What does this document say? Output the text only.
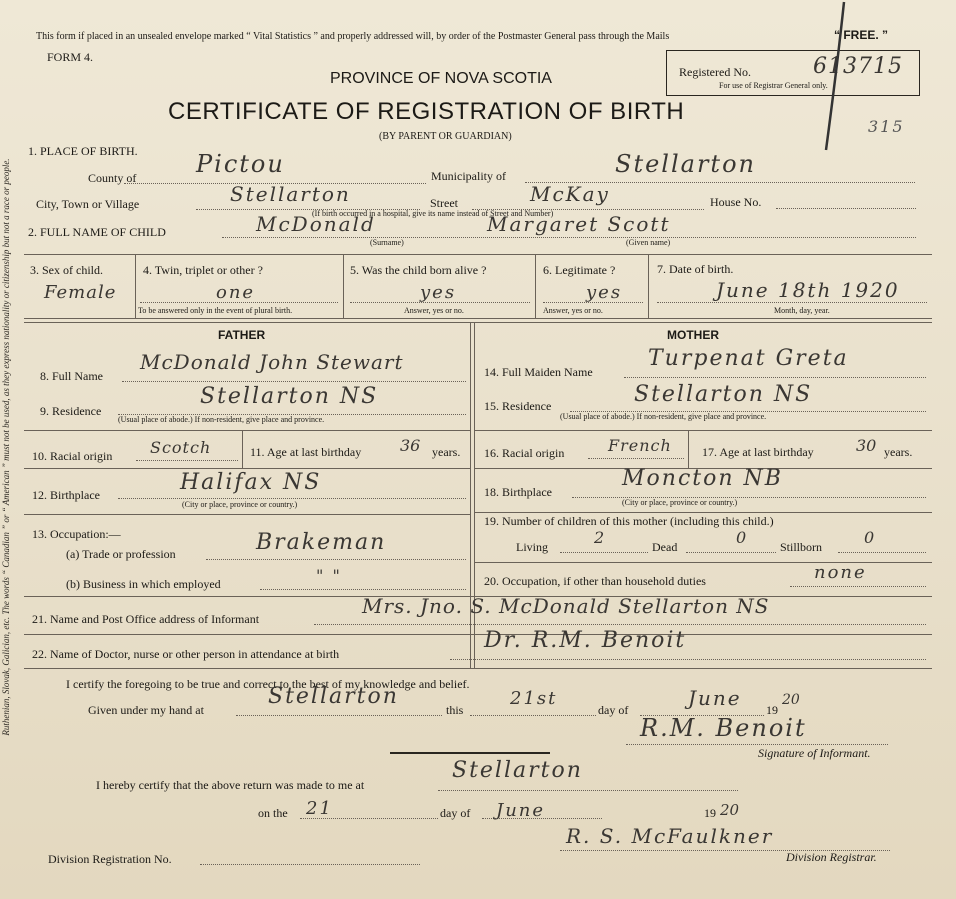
Ruthenian, Slovak, Galician, etc. The words “ Canadian ” or “ American ” must not be used, as they express nationality or citizenship but not a race or people.
This form if placed in an unsealed envelope marked “ Vital Statistics ” and properly addressed will, by order of the Postmaster General pass through the Mails	“ FREE. ”
FORM 4.
Registered No.
For use of Registrar General only.
613715
315
PROVINCE OF NOVA SCOTIA
CERTIFICATE OF REGISTRATION OF BIRTH
(BY PARENT OR GUARDIAN)
1. PLACE OF BIRTH.
County of Pictou	Municipality of	Stellarton
City, Town or Village	Stellarton	Street	McKay	House No.
(If birth occurred in a hospital, give its name instead of Street and Number)
2. FULL NAME OF CHILD	McDonald	Margaret Scott
(Surname)	(Given name)
3. Sex of child.
Female
4. Twin, triplet or other ?
one
To be answered only in the event of plural birth.
5. Was the child born alive ?
yes
Answer, yes or no.
6. Legitimate ?
yes
Answer, yes or no.
7. Date of birth.
June 18th 1920
Month, day, year.
FATHER	MOTHER
8. Full Name
McDonald John Stewart
9. Residence
Stellarton NS
(Usual place of abode.) If non-resident, give place and province.
10. Racial origin Scotch	11. Age at last birthday 36 years.
12. Birthplace	Halifax NS
(City or place, province or country.)
13. Occupation:—
(a) Trade or profession	Brakeman
(b) Business in which employed	" "
14. Full Maiden Name
Turpenat Greta
15. Residence	Stellarton NS
(Usual place of abode.) If non-resident, give place and province.
16. Racial origin	French	17. Age at last birthday	30 years.
18. Birthplace
Moncton NB
(City or place, province or country.)
19. Number of children of this mother (including this child.)
Living	2	Dead	0	Stillborn	0
20. Occupation, if other than household duties	none
21. Name and Post Office address of Informant
Mrs. Jno. S. McDonald Stellarton NS
22. Name of Doctor, nurse or other person in attendance at birth
Dr. R.M. Benoit
I certify the foregoing to be true and correct to the best of my knowledge and belief.
Given under my hand at
Stellarton
this
21st
day of	June 19
20
R.M. Benoit
Signature of Informant.
I hereby certify that the above return was made to me at
Stellarton
on the 21	day of June	19 20
Division Registration No.
R. S. McFaulkner
Division Registrar.
